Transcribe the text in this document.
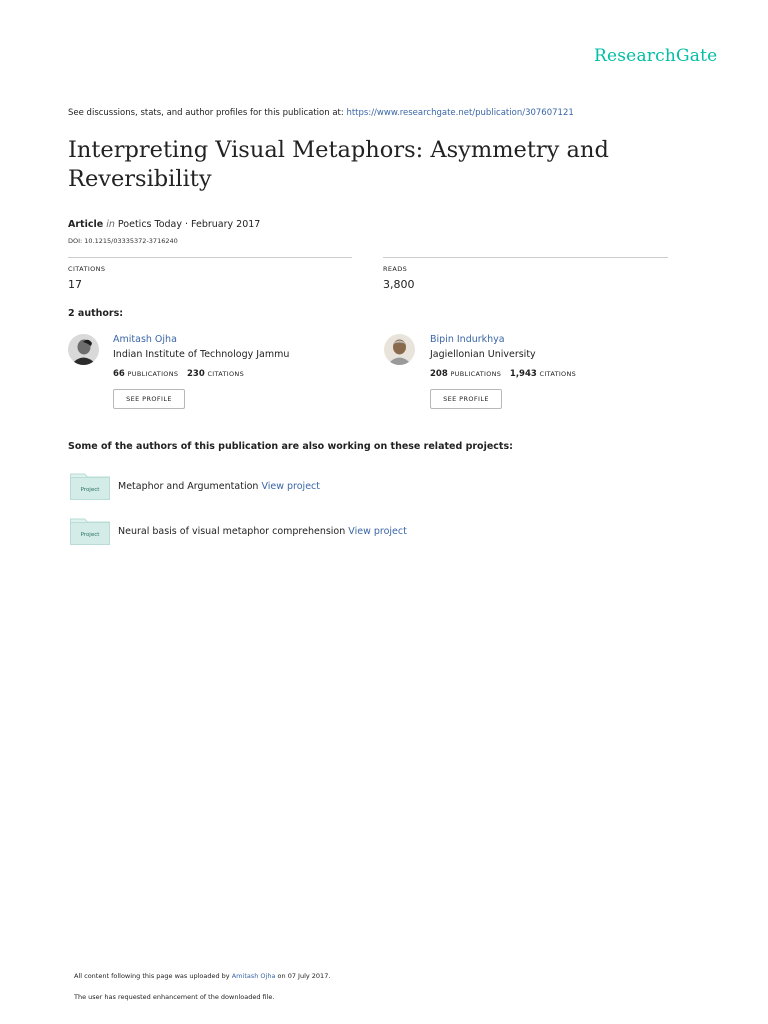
ResearchGate
See discussions, stats, and author profiles for this publication at: https://www.researchgate.net/publication/307607121
Interpreting Visual Metaphors: Asymmetry and Reversibility
Article in Poetics Today · February 2017
DOI: 10.1215/03335372-3716240
CITATIONS
17
READS
3,800
2 authors:
Amitash Ojha
Indian Institute of Technology Jammu
66 PUBLICATIONS 230 CITATIONS
SEE PROFILE
Bipin Indurkhya
Jagiellonian University
208 PUBLICATIONS 1,943 CITATIONS
SEE PROFILE
Some of the authors of this publication are also working on these related projects:
Project Metaphor and Argumentation View project
Project Neural basis of visual metaphor comprehension View project
All content following this page was uploaded by Amitash Ojha on 07 July 2017.
The user has requested enhancement of the downloaded file.
